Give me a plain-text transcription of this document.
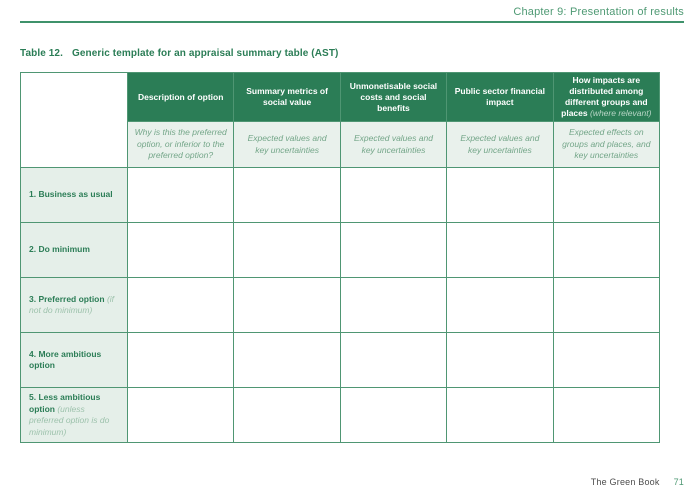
Chapter 9: Presentation of results
Table 12. Generic template for an appraisal summary table (AST)
	Description of option	Summary metrics of social value	Unmonetisable social costs and social benefits	Public sector financial impact	How impacts are distributed among different groups and places (where relevant)
	Why is this the preferred option, or inferior to the preferred option?	Expected values and key uncertainties	Expected values and key uncertainties	Expected values and key uncertainties	Expected effects on groups and places, and key uncertainties
1. Business as usual					
2. Do minimum					
3. Preferred option (if not do minimum)					
4. More ambitious option					
5. Less ambitious option (unless preferred option is do minimum)					
The Green Book 71
